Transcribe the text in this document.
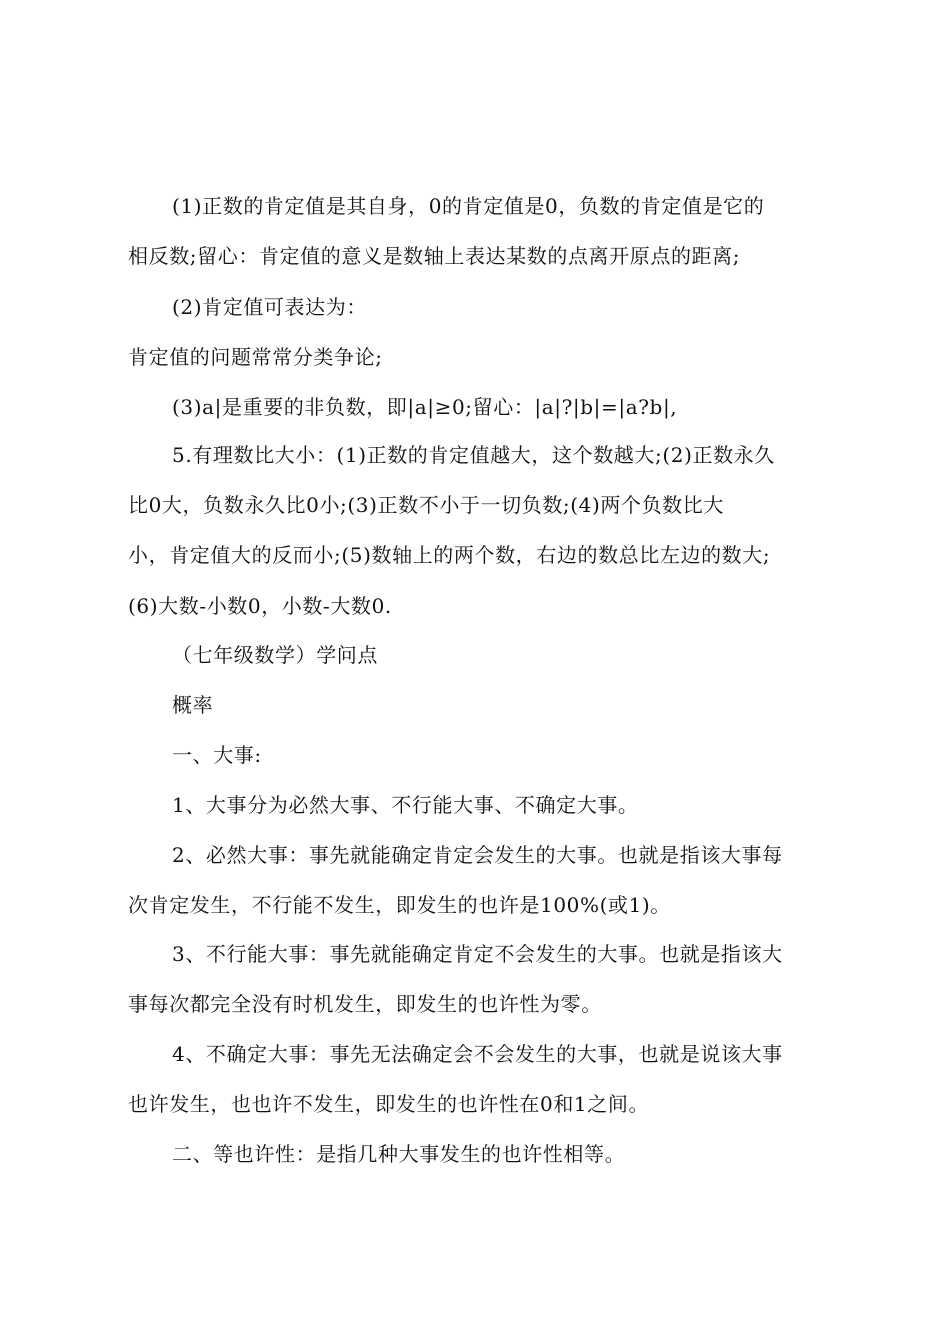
(1)正数的肯定值是其自身，0的肯定值是0，负数的肯定值是它的
相反数;留心：肯定值的意义是数轴上表达某数的点离开原点的距离;
(2)肯定值可表达为：
肯定值的问题常常分类争论;
(3)a|是重要的非负数，即|a|≥0;留心：|a|?|b|=|a?b|,
5.有理数比大小：(1)正数的肯定值越大，这个数越大;(2)正数永久
比0大，负数永久比0小;(3)正数不小于一切负数;(4)两个负数比大
小，肯定值大的反而小;(5)数轴上的两个数，右边的数总比左边的数大;
(6)大数-小数0，小数-大数0.
（七年级数学）学问点
概率
一、大事:
1、大事分为必然大事、不行能大事、不确定大事。
2、必然大事：事先就能确定肯定会发生的大事。也就是指该大事每
次肯定发生，不行能不发生，即发生的也许是100%(或1)。
3、不行能大事：事先就能确定肯定不会发生的大事。也就是指该大
事每次都完全没有时机发生，即发生的也许性为零。
4、不确定大事：事先无法确定会不会发生的大事，也就是说该大事
也许发生，也也许不发生，即发生的也许性在0和1之间。
二、等也许性：是指几种大事发生的也许性相等。
